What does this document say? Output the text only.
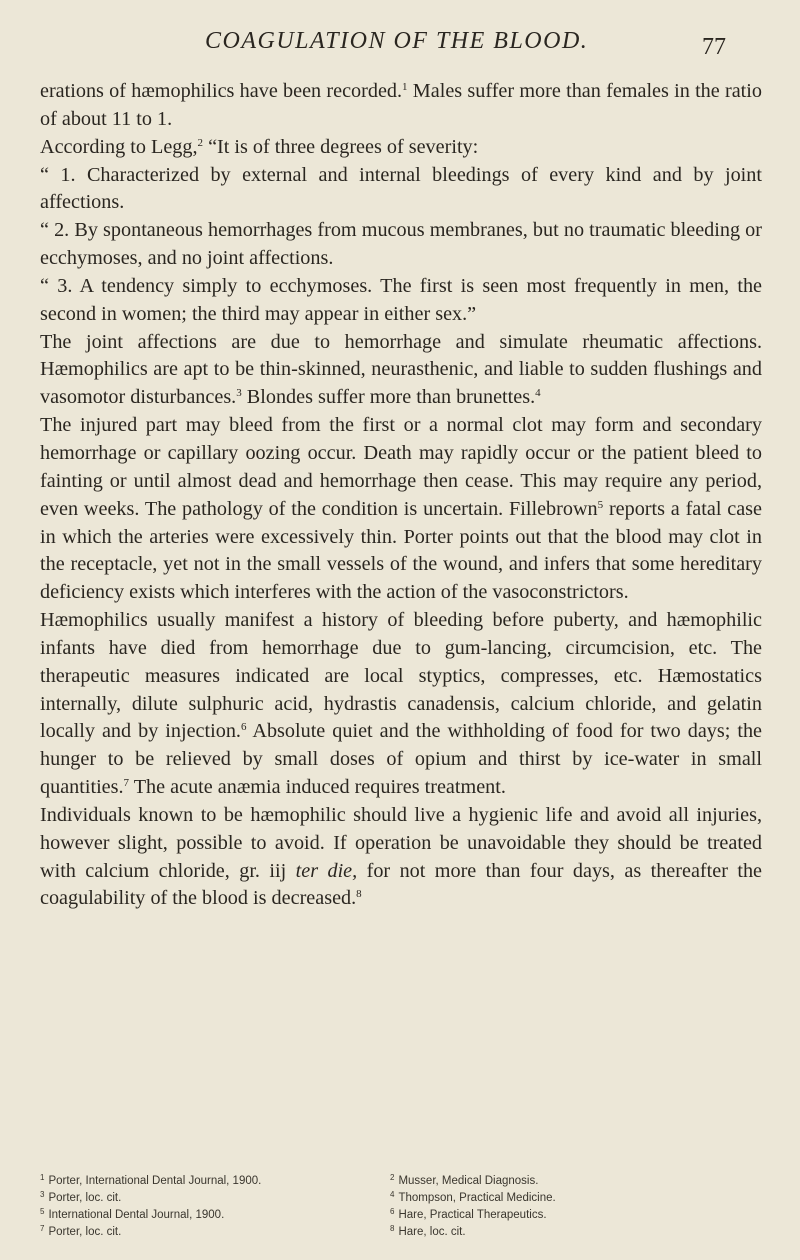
COAGULATION OF THE BLOOD.	77

erations of hæmophilics have been recorded.$^1$ Males suffer more than females in the ratio of about 11 to 1.

According to Legg,$^2$ “It is of three degrees of severity:

“ 1. Characterized by external and internal bleedings of every kind and by joint affections.

“ 2. By spontaneous hemorrhages from mucous membranes, but no traumatic bleeding or ecchymoses, and no joint affections.

“ 3. A tendency simply to ecchymoses. The first is seen most frequently in men, the second in women; the third may appear in either sex.”

The joint affections are due to hemorrhage and simulate rheumatic affections. Hæmophilics are apt to be thin-skinned, neurasthenic, and liable to sudden flushings and vasomotor disturbances.$^3$ Blondes suffer more than brunettes.$^4$

The injured part may bleed from the first or a normal clot may form and secondary hemorrhage or capillary oozing occur. Death may rapidly occur or the patient bleed to fainting or until almost dead and hemorrhage then cease. This may require any period, even weeks. The pathology of the condition is uncertain. Fillebrown$^5$ reports a fatal case in which the arteries were excessively thin. Porter points out that the blood may clot in the receptacle, yet not in the small vessels of the wound, and infers that some hereditary deficiency exists which interferes with the action of the vasoconstrictors.

Hæmophilics usually manifest a history of bleeding before puberty, and hæmophilic infants have died from hemorrhage due to gum-lancing, circumcision, etc. The therapeutic measures indicated are local styptics, compresses, etc. Hæmostatics internally, dilute sulphuric acid, hydrastis canadensis, calcium chloride, and gelatin locally and by injection.$^6$ Absolute quiet and the withholding of food for two days; the hunger to be relieved by small doses of opium and thirst by ice-water in small quantities.$^7$ The acute anæmia induced requires treatment.

Individuals known to be hæmophilic should live a hygienic life and avoid all injuries, however slight, possible to avoid. If operation be unavoidable they should be treated with calcium chloride, gr. iij ter die, for not more than four days, as thereafter the coagulability of the blood is decreased.$^8$

$^1$ Porter, International Dental Journal, 1900.	$^2$ Musser, Medical Diagnosis.
$^3$ Porter, loc. cit.	$^4$ Thompson, Practical Medicine.
$^5$ International Dental Journal, 1900.	$^6$ Hare, Practical Therapeutics.
$^7$ Porter, loc. cit.	$^8$ Hare, loc. cit.
